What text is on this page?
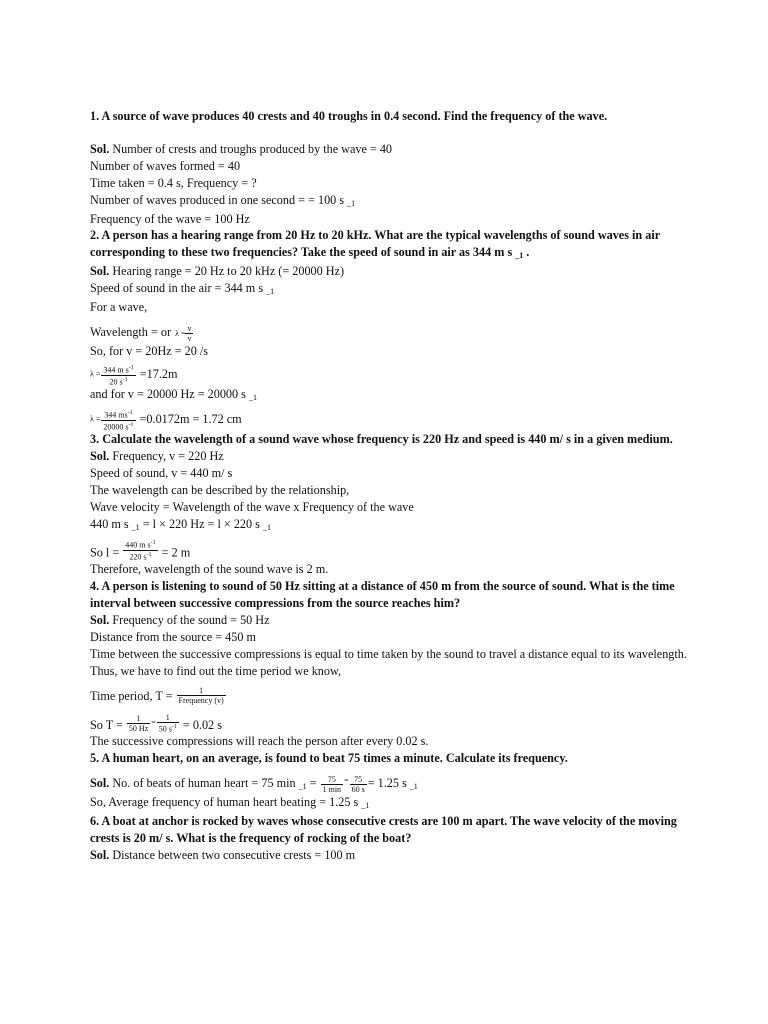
1. A source of wave produces 40 crests and 40 troughs in 0.4 second. Find the frequency of the wave.
Sol. Number of crests and troughs produced by the wave = 40
Number of waves formed = 40
Time taken = 0.4 s, Frequency = ?
Number of waves produced in one second = = 100 s _1
Frequency of the wave = 100 Hz
2. A person has a hearing range from 20 Hz to 20 kHz. What are the typical wavelengths of sound waves in air corresponding to these two frequencies? Take the speed of sound in air as 344 m s _1 .
Sol. Hearing range = 20 Hz to 20 kHz (= 20000 Hz)
Speed of sound in the air = 344 m s _1
For a wave,
Wavelength = or $\lambda = \frac{v}{v}$
So, for v = 20Hz = 20 /s
$\lambda = \frac{344 m s^{-1}}{20 s^{-1}} =17.2m$
and for v = 20000 Hz = 20000 s _1
$\lambda = \frac{344 ms^{-1}}{20000 s^{-1}} =0.0172m = 1.72$ cm
3. Calculate the wavelength of a sound wave whose frequency is 220 Hz and speed is 440 m/ s in a given medium.
Sol. Frequency, v = 220 Hz
Speed of sound, v = 440 m/ s
The wavelength can be described by the relationship,
Wave velocity = Wavelength of the wave x Frequency of the wave
440 m s _1 = l × 220 Hz = l × 220 s _1
So $l = \frac{440 m s^{-1}}{220 s^{-1}} = 2$ m
Therefore, wavelength of the sound wave is 2 m.
4. A person is listening to sound of 50 Hz sitting at a distance of 450 m from the source of sound. What is the time interval between successive compressions from the source reaches him?
Sol. Frequency of the sound = 50 Hz
Distance from the source = 450 m
Time between the successive compressions is equal to time taken by the sound to travel a distance equal to its wavelength. Thus, we have to find out the time period we know,
Time period, $T = \frac{1}{\text{Frequency (v)}}$
So $T = \frac{1}{50 Hz} ^= \frac{1}{50 s^{-1}} = 0.02$ s
The successive compressions will reach the person after every 0.02 s.
5. A human heart, on an average, is found to beat 75 times a minute. Calculate its frequency.
Sol. No. of beats of human heart = 75 min _1 = $\frac{75}{1 \min} ^= \frac{75}{60 s} = 1.25$ s _1
So, Average frequency of human heart beating = 1.25 s _1
6. A boat at anchor is rocked by waves whose consecutive crests are 100 m apart. The wave velocity of the moving crests is 20 m/ s. What is the frequency of rocking of the boat?
Sol. Distance between two consecutive crests = 100 m
